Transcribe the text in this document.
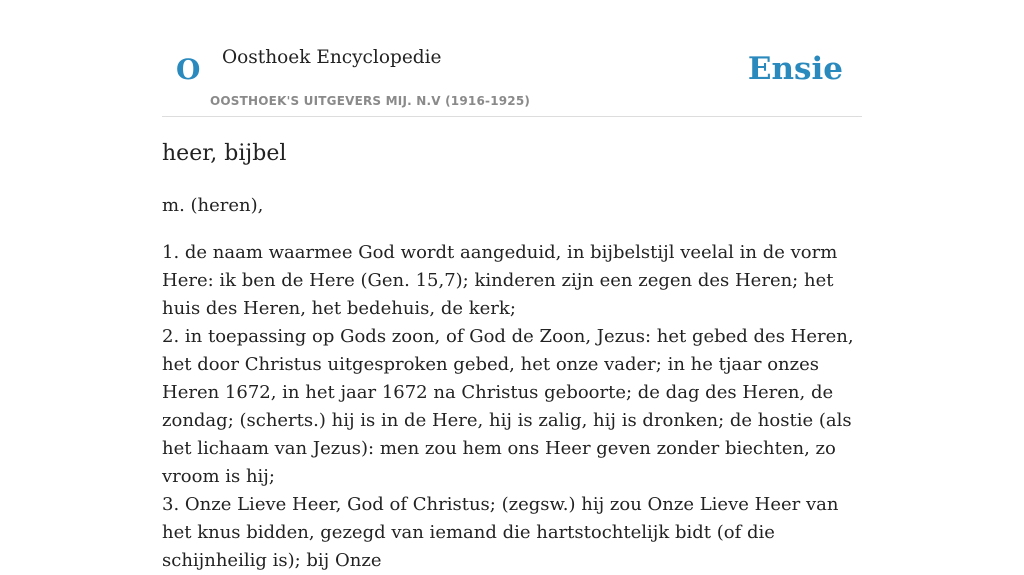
O Oosthoek Encyclopedie
OOSTHOEK'S UITGEVERS MIJ. N.V (1916-1925)
Ensie
heer, bijbel

m. (heren),

1. de naam waarmee God wordt aangeduid, in bijbelstijl veelal in de vorm Here: ik ben de Here (Gen. 15,7); kinderen zijn een zegen des Heren; het huis des Heren, het bedehuis, de kerk;
2. in toepassing op Gods zoon, of God de Zoon, Jezus: het gebed des Heren, het door Christus uitgesproken gebed, het onze vader; in he tjaar onzes Heren 1672, in het jaar 1672 na Christus geboorte; de dag des Heren, de zondag; (scherts.) hij is in de Here, hij is zalig, hij is dronken; de hostie (als het lichaam van Jezus): men zou hem ons Heer geven zonder biechten, zo vroom is hij;
3. Onze Lieve Heer, God of Christus; (zegsw.) hij zou Onze Lieve Heer van het knus bidden, gezegd van iemand die hartstochtelijk bidt (of die schijnheilig is); bij Onze
